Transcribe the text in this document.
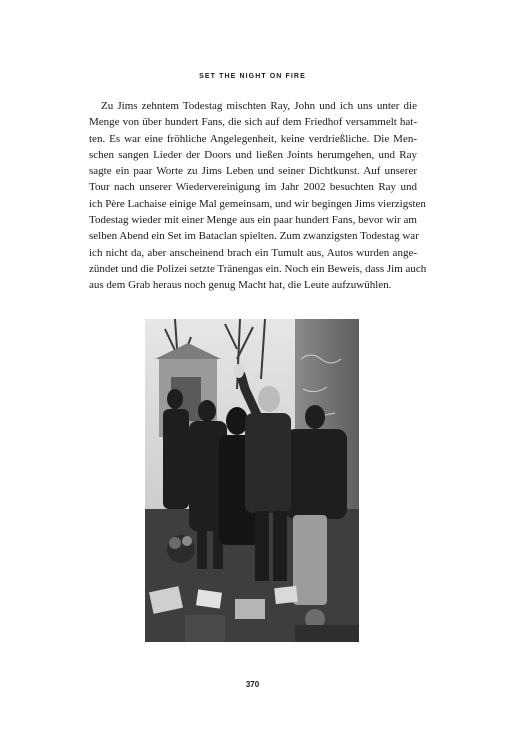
SET THE NIGHT ON FIRE

Zu Jims zehntem Todestag mischten Ray, John und ich uns unter die
Menge von über hundert Fans, die sich auf dem Friedhof versammelt hat-
ten. Es war eine fröhliche Angelegenheit, keine verdrießliche. Die Men-
schen sangen Lieder der Doors und ließen Joints herumgehen, und Ray
sagte ein paar Worte zu Jims Leben und seiner Dichtkunst. Auf unserer
Tour nach unserer Wiedervereinigung im Jahr 2002 besuchten Ray und
ich Père Lachaise einige Mal gemeinsam, und wir begingen Jims vierzigsten
Todestag wieder mit einer Menge aus ein paar hundert Fans, bevor wir am
selben Abend ein Set im Bataclan spielten. Zum zwanzigsten Todestag war
ich nicht da, aber anscheinend brach ein Tumult aus, Autos wurden ange-
zündet und die Polizei setzte Tränengas ein. Noch ein Beweis, dass Jim auch
aus dem Grab heraus noch genug Macht hat, die Leute aufzuwühlen.

370
